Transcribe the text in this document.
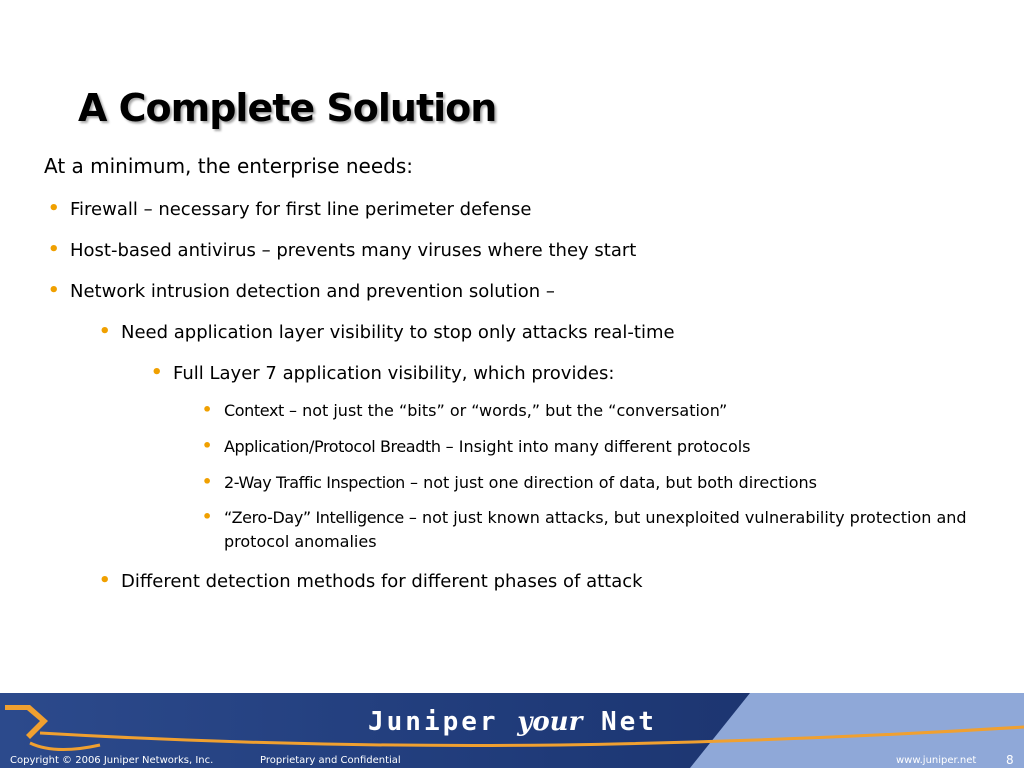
A Complete Solution
At a minimum, the enterprise needs:
• Firewall – necessary for first line perimeter defense
• Host-based antivirus – prevents many viruses where they start
• Network intrusion detection and prevention solution –
• Need application layer visibility to stop only attacks real-time
• Full Layer 7 application visibility, which provides:
• Context – not just the “bits” or “words,” but the “conversation”
• Application/Protocol Breadth – Insight into many different protocols
• 2-Way Traffic Inspection – not just one direction of data, but both directions
• “Zero-Day” Intelligence – not just known attacks, but unexploited vulnerability protection and protocol anomalies
• Different detection methods for different phases of attack
Juniper your Net
Copyright © 2006 Juniper Networks, Inc.	Proprietary and Confidential	www.juniper.net 8
